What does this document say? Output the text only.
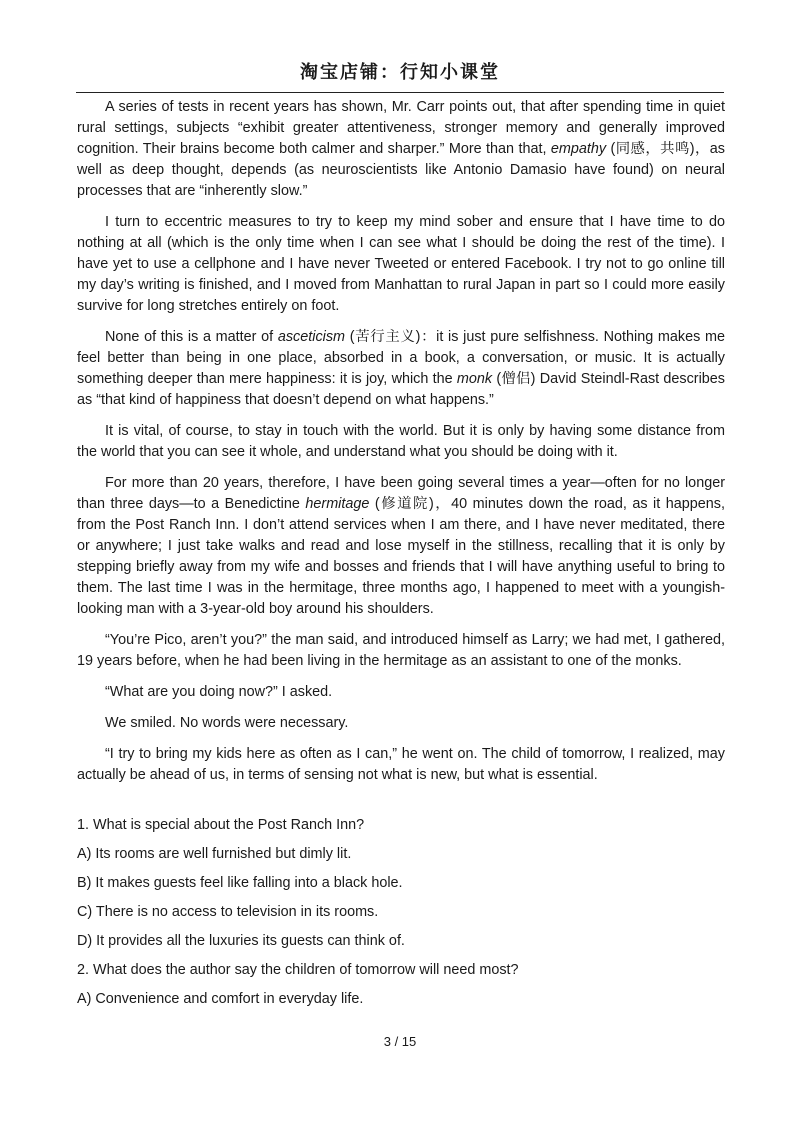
淘宝店铺：行知小课堂

A series of tests in recent years has shown, Mr. Carr points out, that after spending time in quiet rural settings, subjects “exhibit greater attentiveness, stronger memory and generally improved cognition. Their brains become both calmer and sharper.” More than that, empathy (同感，共鸣)，as well as deep thought, depends (as neuroscientists like Antonio Damasio have found) on neural processes that are “inherently slow.”

I turn to eccentric measures to try to keep my mind sober and ensure that I have time to do nothing at all (which is the only time when I can see what I should be doing the rest of the time). I have yet to use a cellphone and I have never Tweeted or entered Facebook. I try not to go online till my day’s writing is finished, and I moved from Manhattan to rural Japan in part so I could more easily survive for long stretches entirely on foot.

None of this is a matter of asceticism (苦行主义)：it is just pure selfishness. Nothing makes me feel better than being in one place, absorbed in a book, a conversation, or music. It is actually something deeper than mere happiness: it is joy, which the monk (僧侣) David Steindl-Rast describes as “that kind of happiness that doesn’t depend on what happens.”

It is vital, of course, to stay in touch with the world. But it is only by having some distance from the world that you can see it whole, and understand what you should be doing with it.

For more than 20 years, therefore, I have been going several times a year—often for no longer than three days—to a Benedictine hermitage (修道院)，40 minutes down the road, as it happens, from the Post Ranch Inn. I don’t attend services when I am there, and I have never meditated, there or anywhere; I just take walks and read and lose myself in the stillness, recalling that it is only by stepping briefly away from my wife and bosses and friends that I will have anything useful to bring to them. The last time I was in the hermitage, three months ago, I happened to meet with a youngish-looking man with a 3-year-old boy around his shoulders.

“You’re Pico, aren’t you?” the man said, and introduced himself as Larry; we had met, I gathered, 19 years before, when he had been living in the hermitage as an assistant to one of the monks.

“What are you doing now?” I asked.

We smiled. No words were necessary.

“I try to bring my kids here as often as I can,” he went on. The child of tomorrow, I realized, may actually be ahead of us, in terms of sensing not what is new, but what is essential.

1. What is special about the Post Ranch Inn?

A) Its rooms are well furnished but dimly lit.

B) It makes guests feel like falling into a black hole.

C) There is no access to television in its rooms.

D) It provides all the luxuries its guests can think of.

2. What does the author say the children of tomorrow will need most?

A) Convenience and comfort in everyday life.

3 / 15
